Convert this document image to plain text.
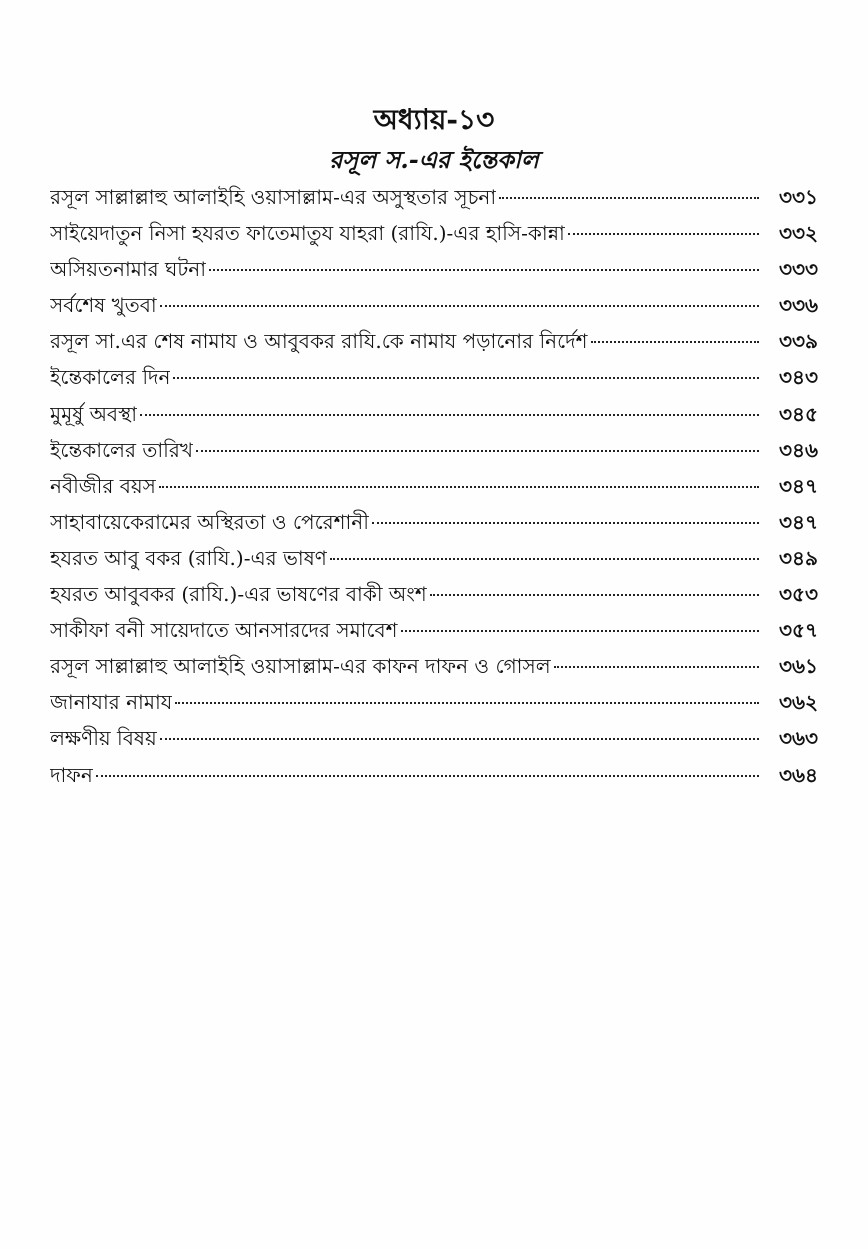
অধ্যায়-১৩
রসূল স.-এর ইন্তেকাল
রসূল সাল্লাল্লাহু আলাইহি ওয়াসাল্লাম-এর অসুস্থতার সূচনা	৩৩১
সাইয়েদাতুন নিসা হযরত ফাতেমাতুয যাহরা (রাযি.)-এর হাসি-কান্না	৩৩২
অসিয়তনামার ঘটনা	৩৩৩
সর্বশেষ খুতবা	৩৩৬
রসূল সা.এর শেষ নামায ও আবুবকর রাযি.কে নামায পড়ানোর নির্দেশ	৩৩৯
ইন্তেকালের দিন	৩৪৩
মুমূর্ষু অবস্থা	৩৪৫
ইন্তেকালের তারিখ	৩৪৬
নবীজীর বয়স	৩৪৭
সাহাবায়েকেরামের অস্থিরতা ও পেরেশানী	৩৪৭
হযরত আবু বকর (রাযি.)-এর ভাষণ	৩৪৯
হযরত আবুবকর (রাযি.)-এর ভাষণের বাকী অংশ	৩৫৩
সাকীফা বনী সায়েদাতে আনসারদের সমাবেশ	৩৫৭
রসূল সাল্লাল্লাহু আলাইহি ওয়াসাল্লাম-এর কাফন দাফন ও গোসল	৩৬১
জানাযার নামায	৩৬২
লক্ষণীয় বিষয়	৩৬৩
দাফন	৩৬৪
